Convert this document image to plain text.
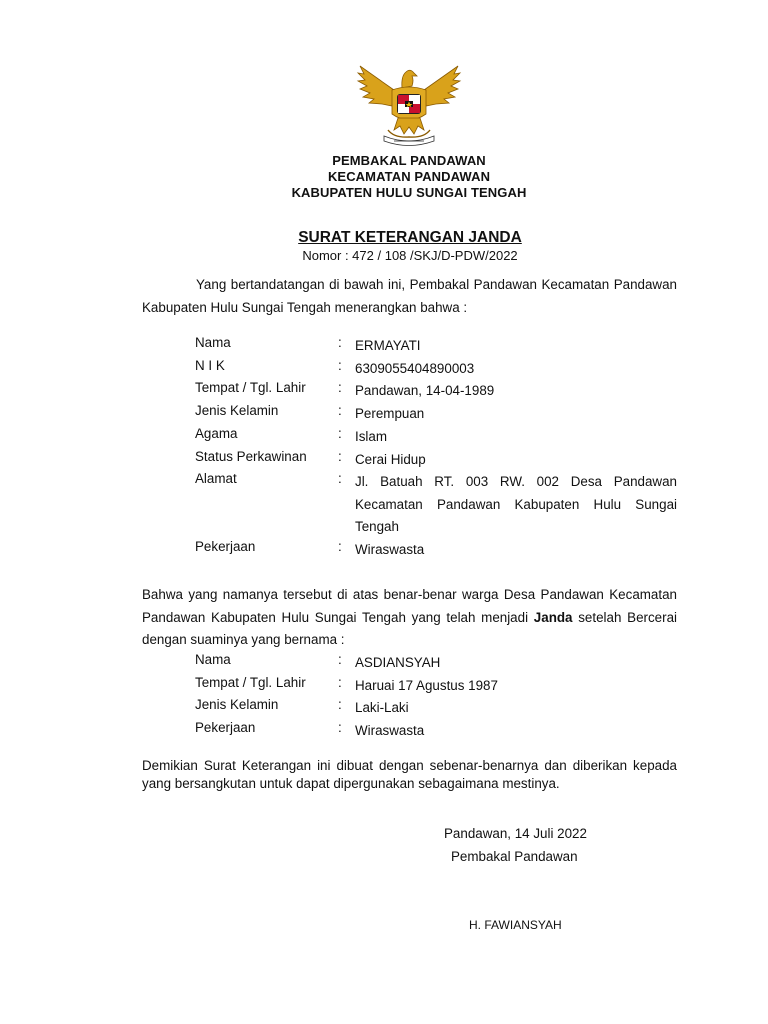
PEMBAKAL PANDAWAN
KECAMATAN PANDAWAN
KABUPATEN HULU SUNGAI TENGAH
SURAT KETERANGAN JANDA
Nomor : 472 / 108 /SKJ/D-PDW/2022
Yang bertandatangan di bawah ini, Pembakal Pandawan Kecamatan Pandawan Kabupaten Hulu Sungai Tengah menerangkan bahwa :
Nama	: ERMAYATI
N I K	: 6309055404890003
Tempat / Tgl. Lahir : Pandawan, 14-04-1989
Jenis Kelamin	: Perempuan
Agama	: Islam
Status Perkawinan : Cerai Hidup
Alamat	: Jl. Batuah RT. 003 RW. 002 Desa Pandawan Kecamatan Pandawan Kabupaten Hulu Sungai Tengah
Pekerjaan	: Wiraswasta
Bahwa yang namanya tersebut di atas benar-benar warga Desa Pandawan Kecamatan Pandawan Kabupaten Hulu Sungai Tengah yang telah menjadi Janda setelah Bercerai dengan suaminya yang bernama :
Nama	: ASDIANSYAH
Tempat / Tgl. Lahir : Haruai 17 Agustus 1987
Jenis Kelamin	: Laki-Laki
Pekerjaan	: Wiraswasta
Demikian Surat Keterangan ini dibuat dengan sebenar-benarnya dan diberikan kepada yang bersangkutan untuk dapat dipergunakan sebagaimana mestinya.
Pandawan, 14 Juli 2022
Pembakal Pandawan
H. FAWIANSYAH
